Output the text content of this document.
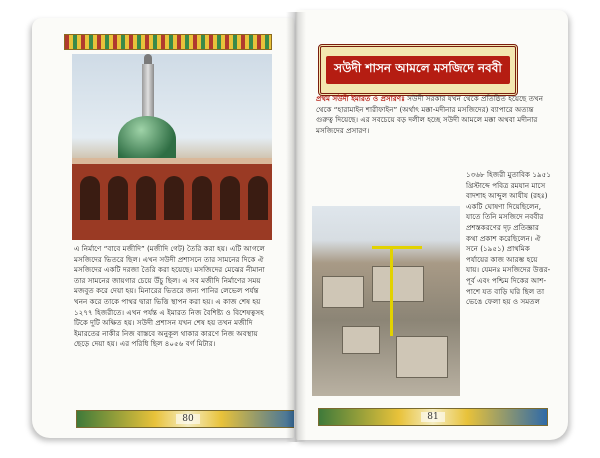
এ নির্মাণে “বাবে মজীদি” (মজীদি গেট) তৈরি করা হয়। এটি আগলে মসজিদের ভিতরে ছিল। এখন সউদী প্রশাসনে তার সামনের দিকে ঐ মসজিদের একটি দরজা তৈরি করা হয়েছে। মসজিদের মেঝের নীমানা তার সামনের জায়গার চেয়ে উঁচু ছিল। এ সব মজীদি নির্মাণের সময় মজবুত করে দেয়া হয়। মিনারের ভিতরে জন্য পানির লেভেল পর্যন্ত খনন করে তাকে পাথর দ্বারা ভিত্তি স্থাপন করা হয়। এ কাজ শেষ হয় ১২৭৭ হিজরীতে। এখন পর্যন্ত এ ইমারত নিজ বৈশিষ্ট্য ও বিশেষত্বসহ টিকে দুটি অক্ষিত হয়। সউদী প্রশাসন যখন শেষ হয় তখন মজীদি ইমারতের নাকীর নিজ বাস্তবে অনুকূল থাকার কারণে নিজ অবস্থায় ছেড়ে দেয়া হয়। এর পরিধি ছিল ৪০৫৬ বর্গ মিটার।
80
সউদী শাসন আমলে মসজিদে নববী
প্রথম সউদী ইমারত ও প্রসারণঃ সউদী সরকার যখন থেকে প্রতিষ্ঠিত হয়েছে তখন থেকে “হারামাইন শারীফাইন” (অর্থাৎ মক্কা-মদীনার মসজিদের) ব্যাপারে অত্যন্ত গুরুত্ব দিয়েছে। এর সবচেয়ে বড় দলীল হচ্ছে সউদী আমলে মক্কা অথবা মদীনার মসজিদের প্রসারণ।
১৩৬৮ হিজরী মুতাবিক ১৯৫১ খ্রিস্টাব্দে পবিত্র রমযান মাসে বাদশাহ আব্দুল আযীয (রহঃ) একটি ঘোষণা দিয়েছিলেন, যাতে তিনি মসজিদে নববীর প্রশস্তকরণের দৃঢ় প্রতিজ্ঞার কথা প্রকাশ করেছিলেন। ঐ সনে (১৯৫১) প্রাথমিক পর্যায়ের কাজ আরম্ভ হয়ে যায়। যেমনঃ মসজিদের উত্তর-পূর্ব এবং পশ্চিম দিকের আশ-পাশে যত বাড়ি ঘরি ছিল তা ভেঙে ফেলা হয় ও সমতল
81
